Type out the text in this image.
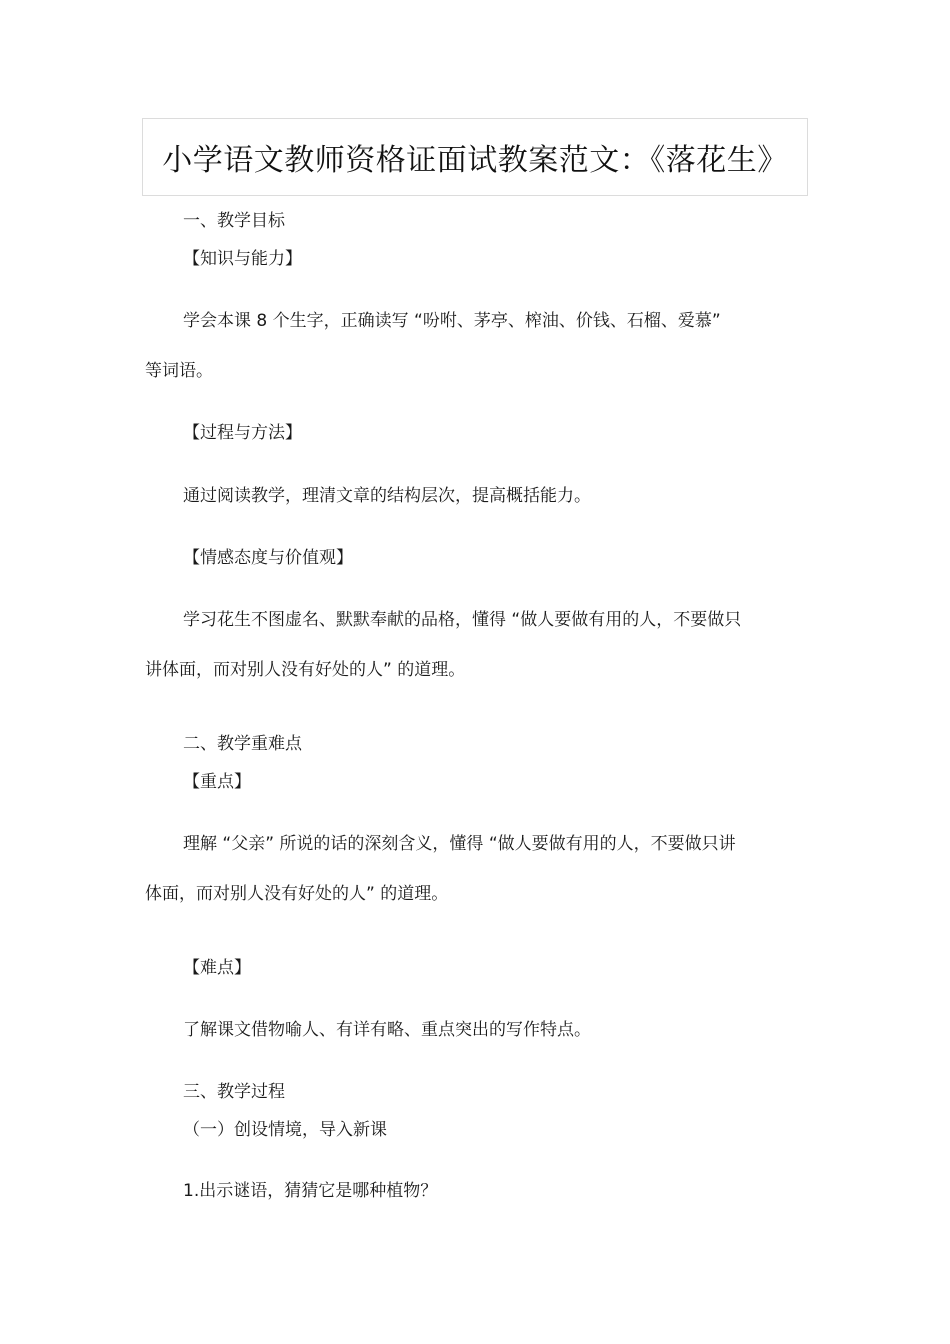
小学语文教师资格证面试教案范文：《落花生》
一、教学目标
【知识与能力】
学会本课 8 个生字，正确读写 “吩咐、茅亭、榨油、价钱、石榴、爱慕”
等词语。
【过程与方法】
通过阅读教学，理清文章的结构层次，提高概括能力。
【情感态度与价值观】
学习花生不图虚名、默默奉献的品格，懂得 “做人要做有用的人，不要做只
讲体面，而对别人没有好处的人” 的道理。
二、教学重难点
【重点】
理解 “父亲” 所说的话的深刻含义，懂得 “做人要做有用的人，不要做只讲
体面，而对别人没有好处的人” 的道理。
【难点】
了解课文借物喻人、有详有略、重点突出的写作特点。
三、教学过程
（一）创设情境，导入新课
1.出示谜语，猜猜它是哪种植物？
